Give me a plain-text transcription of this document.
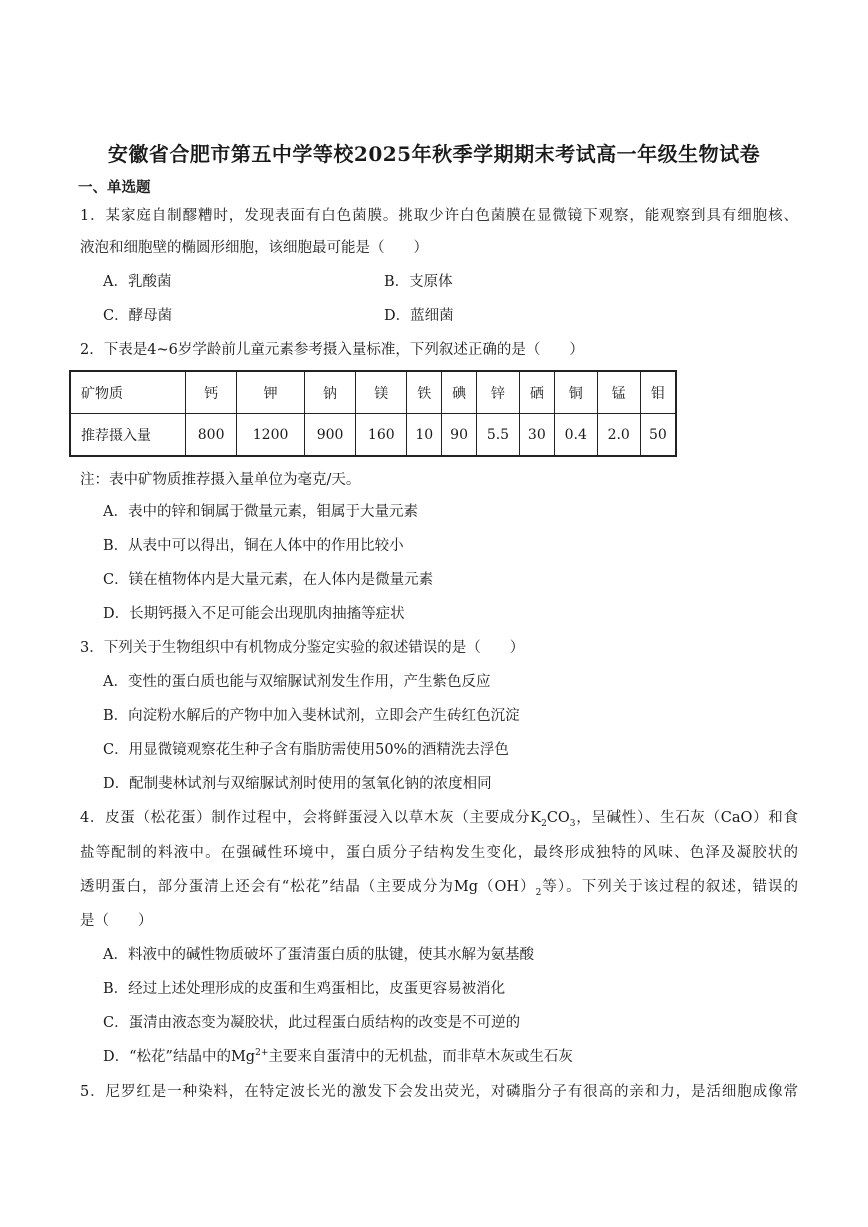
安徽省合肥市第五中学等校2025年秋季学期期末考试高一年级生物试卷
一、单选题
1．某家庭自制醪糟时，发现表面有白色菌膜。挑取少许白色菌膜在显微镜下观察，能观察到具有细胞核、
液泡和细胞壁的椭圆形细胞，该细胞最可能是（　　）
A．乳酸菌	B．支原体
C．酵母菌	D．蓝细菌
2．下表是4~6岁学龄前儿童元素参考摄入量标准，下列叙述正确的是（　　）
矿物质	钙	钾	钠	镁	铁	碘	锌	硒	铜	锰	钼
推荐摄入量	800	1200	900	160	10	90	5.5	30	0.4	2.0	50
注：表中矿物质推荐摄入量单位为毫克/天。
A．表中的锌和铜属于微量元素，钼属于大量元素
B．从表中可以得出，铜在人体中的作用比较小
C．镁在植物体内是大量元素，在人体内是微量元素
D．长期钙摄入不足可能会出现肌肉抽搐等症状
3．下列关于生物组织中有机物成分鉴定实验的叙述错误的是（　　）
A．变性的蛋白质也能与双缩脲试剂发生作用，产生紫色反应
B．向淀粉水解后的产物中加入斐林试剂，立即会产生砖红色沉淀
C．用显微镜观察花生种子含有脂肪需使用50%的酒精洗去浮色
D．配制斐林试剂与双缩脲试剂时使用的氢氧化钠的浓度相同
4．皮蛋（松花蛋）制作过程中，会将鲜蛋浸入以草木灰（主要成分$K_2CO_3$，呈碱性）、生石灰（CaO）和食
盐等配制的料液中。在强碱性环境中，蛋白质分子结构发生变化，最终形成独特的风味、色泽及凝胶状的
透明蛋白，部分蛋清上还会有“松花”结晶（主要成分为$Mg(OH)_2$等）。下列关于该过程的叙述，错误的
是（　　）
A．料液中的碱性物质破坏了蛋清蛋白质的肽键，使其水解为氨基酸
B．经过上述处理形成的皮蛋和生鸡蛋相比，皮蛋更容易被消化
C．蛋清由液态变为凝胶状，此过程蛋白质结构的改变是不可逆的
D．“松花”结晶中的$Mg^{2+}$主要来自蛋清中的无机盐，而非草木灰或生石灰
5．尼罗红是一种染料，在特定波长光的激发下会发出荧光，对磷脂分子有很高的亲和力，是活细胞成像常
